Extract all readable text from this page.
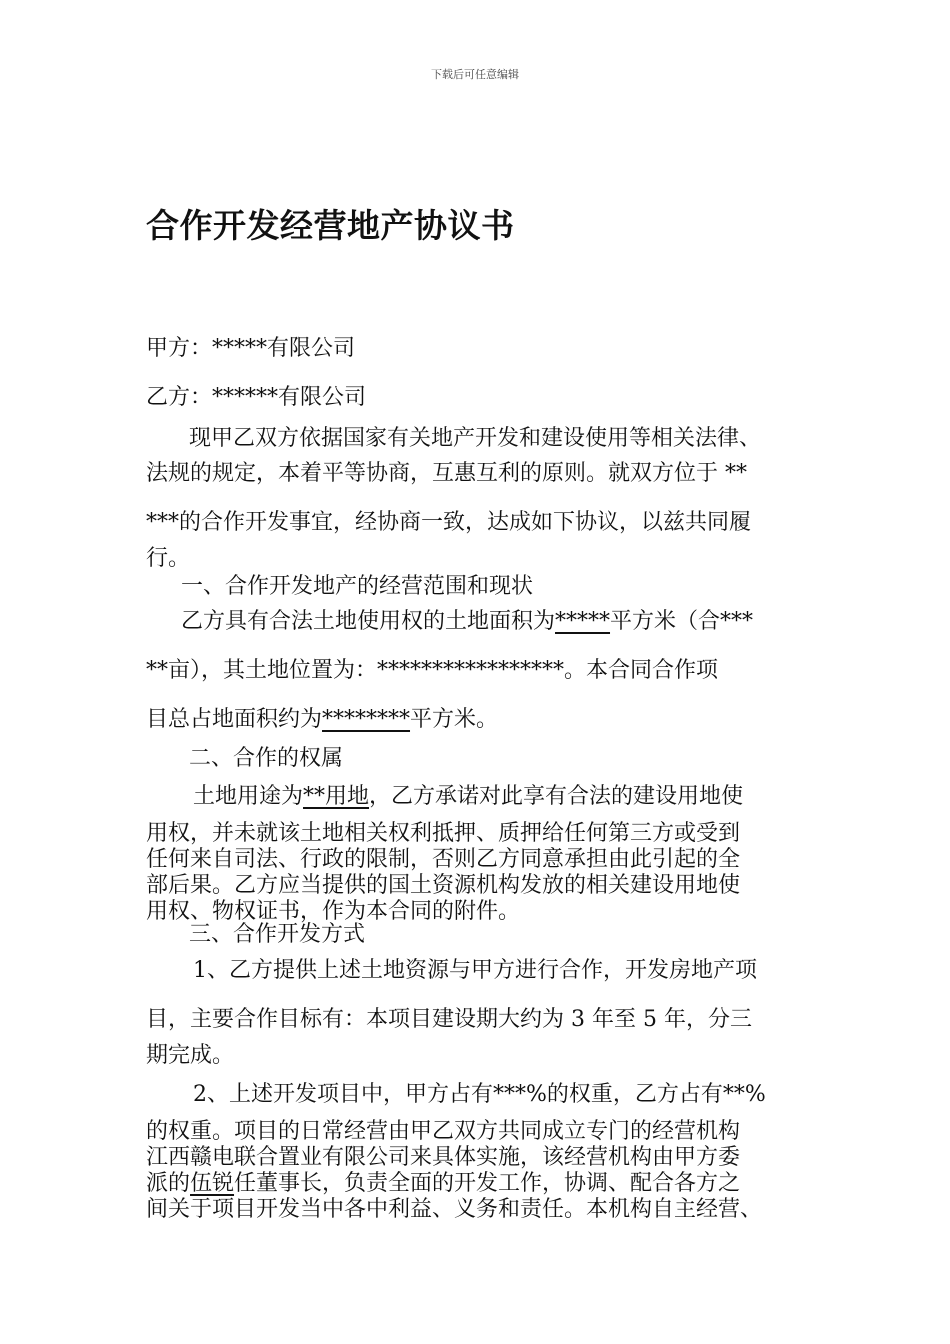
下载后可任意编辑
合作开发经营地产协议书
甲方：*****有限公司
乙方：******有限公司
现甲乙双方依据国家有关地产开发和建设使用等相关法律、
法规的规定，本着平等协商，互惠互利的原则。就双方位于 **
***的合作开发事宜，经协商一致，达成如下协议，以兹共同履
行。
一、合作开发地产的经营范围和现状
乙方具有合法土地使用权的土地面积为*****平方米（合***
**亩），其土地位置为：*****************。本合同合作项
目总占地面积约为********平方米。
二、合作的权属
土地用途为**用地，乙方承诺对此享有合法的建设用地使
用权，并未就该土地相关权利抵押、质押给任何第三方或受到
任何来自司法、行政的限制，否则乙方同意承担由此引起的全
部后果。乙方应当提供的国土资源机构发放的相关建设用地使
用权、物权证书，作为本合同的附件。
三、合作开发方式
1、乙方提供上述土地资源与甲方进行合作，开发房地产项
目，主要合作目标有：本项目建设期大约为 3 年至 5 年，分三
期完成。
2、上述开发项目中，甲方占有***%的权重，乙方占有**%
的权重。项目的日常经营由甲乙双方共同成立专门的经营机构
江西赣电联合置业有限公司来具体实施，该经营机构由甲方委
派的伍锐任董事长，负责全面的开发工作，协调、配合各方之
间关于项目开发当中各中利益、义务和责任。本机构自主经营、
